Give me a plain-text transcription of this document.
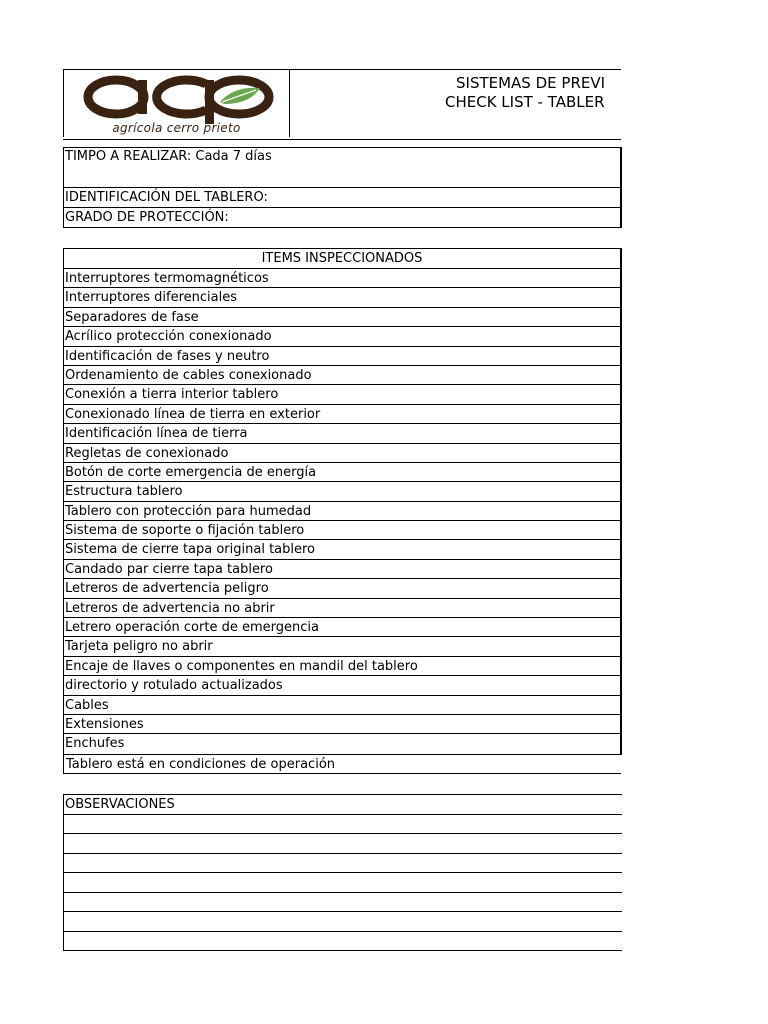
agrícola cerro prieto
SISTEMAS DE PREVI
CHECK LIST - TABLER
TIMPO A REALIZAR: Cada 7 días
IDENTIFICACIÓN DEL TABLERO:
GRADO DE PROTECCIÓN:
ITEMS INSPECCIONADOS
Interruptores termomagnéticos
Interruptores diferenciales
Separadores de fase
Acrílico protección conexionado
Identificación de fases y neutro
Ordenamiento de cables conexionado
Conexión a tierra interior tablero
Conexionado línea de tierra en exterior
Identificación línea de tierra
Regletas de conexionado
Botón de corte emergencia de energía
Estructura tablero
Tablero con protección para humedad
Sistema de soporte o fijación tablero
Sistema de cierre tapa original tablero
Candado par cierre tapa tablero
Letreros de advertencia peligro
Letreros de advertencia no abrir
Letrero operación corte de emergencia
Tarjeta peligro no abrir
Encaje de llaves o componentes en mandil del tablero
directorio y rotulado actualizados
Cables
Extensiones
Enchufes
Tablero está en condiciones de operación
OBSERVACIONES
